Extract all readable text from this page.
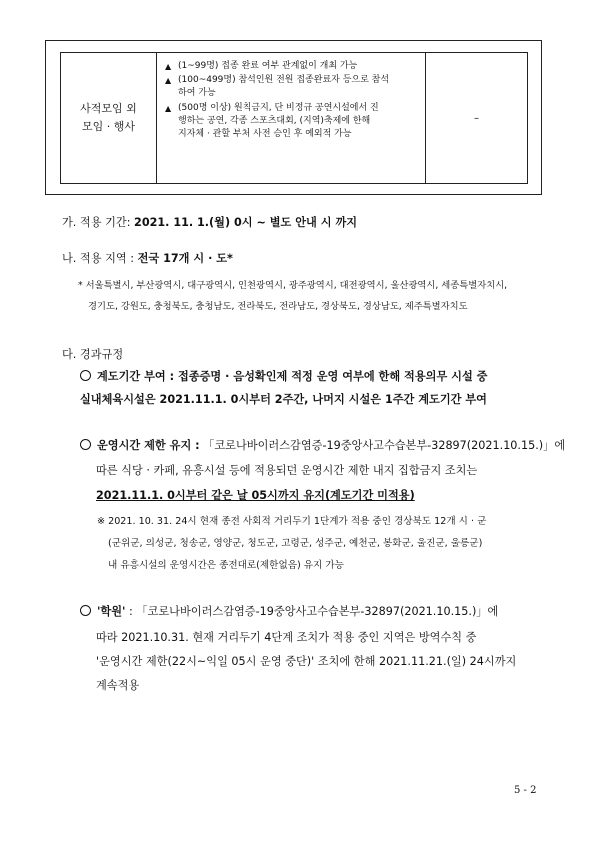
사적모임 외
모임 · 행사
▲ (1~99명) 접종 완료 여부 관계없이 개최 가능
▲ (100~499명) 참석인원 전원 접종완료자 등으로 참석
하여 가능
▲ (500명 이상) 원칙금지, 단 비정규 공연시설에서 진
행하는 공연, 각종 스포츠대회, (지역)축제에 한해
지자체 · 관할 부처 사전 승인 후 예외적 가능
–
가. 적용 기간: 2021. 11. 1.(월) 0시 ~ 별도 안내 시 까지
나. 적용 지역 : 전국 17개 시 · 도*
* 서울특별시, 부산광역시, 대구광역시, 인천광역시, 광주광역시, 대전광역시, 울산광역시, 세종특별자치시,
경기도, 강원도, 충청북도, 충청남도, 전라북도, 전라남도, 경상북도, 경상남도, 제주특별자치도
다. 경과규정
계도기간 부여 : 접종증명 · 음성확인제 적정 운영 여부에 한해 적용의무 시설 중
실내체육시설은 2021.11.1. 0시부터 2주간, 나머지 시설은 1주간 계도기간 부여
운영시간 제한 유지 : 「코로나바이러스감염증-19중앙사고수습본부-32897(2021.10.15.)」에
따른 식당 · 카페, 유흥시설 등에 적용되던 운영시간 제한 내지 집합금지 조치는
2021.11.1. 0시부터 같은 날 05시까지 유지(계도기간 미적용)
※ 2021. 10. 31. 24시 현재 종전 사회적 거리두기 1단계가 적용 중인 경상북도 12개 시 · 군
(군위군, 의성군, 청송군, 영양군, 청도군, 고령군, 성주군, 예천군, 봉화군, 울진군, 울릉군)
내 유흥시설의 운영시간은 종전대로(제한없음) 유지 가능
'학원' : 「코로나바이러스감염증-19중앙사고수습본부-32897(2021.10.15.)」에
따라 2021.10.31. 현재 거리두기 4단계 조치가 적용 중인 지역은 방역수칙 중
'운영시간 제한(22시~익일 05시 운영 중단)' 조치에 한해 2021.11.21.(일) 24시까지
계속적용
5 - 2
